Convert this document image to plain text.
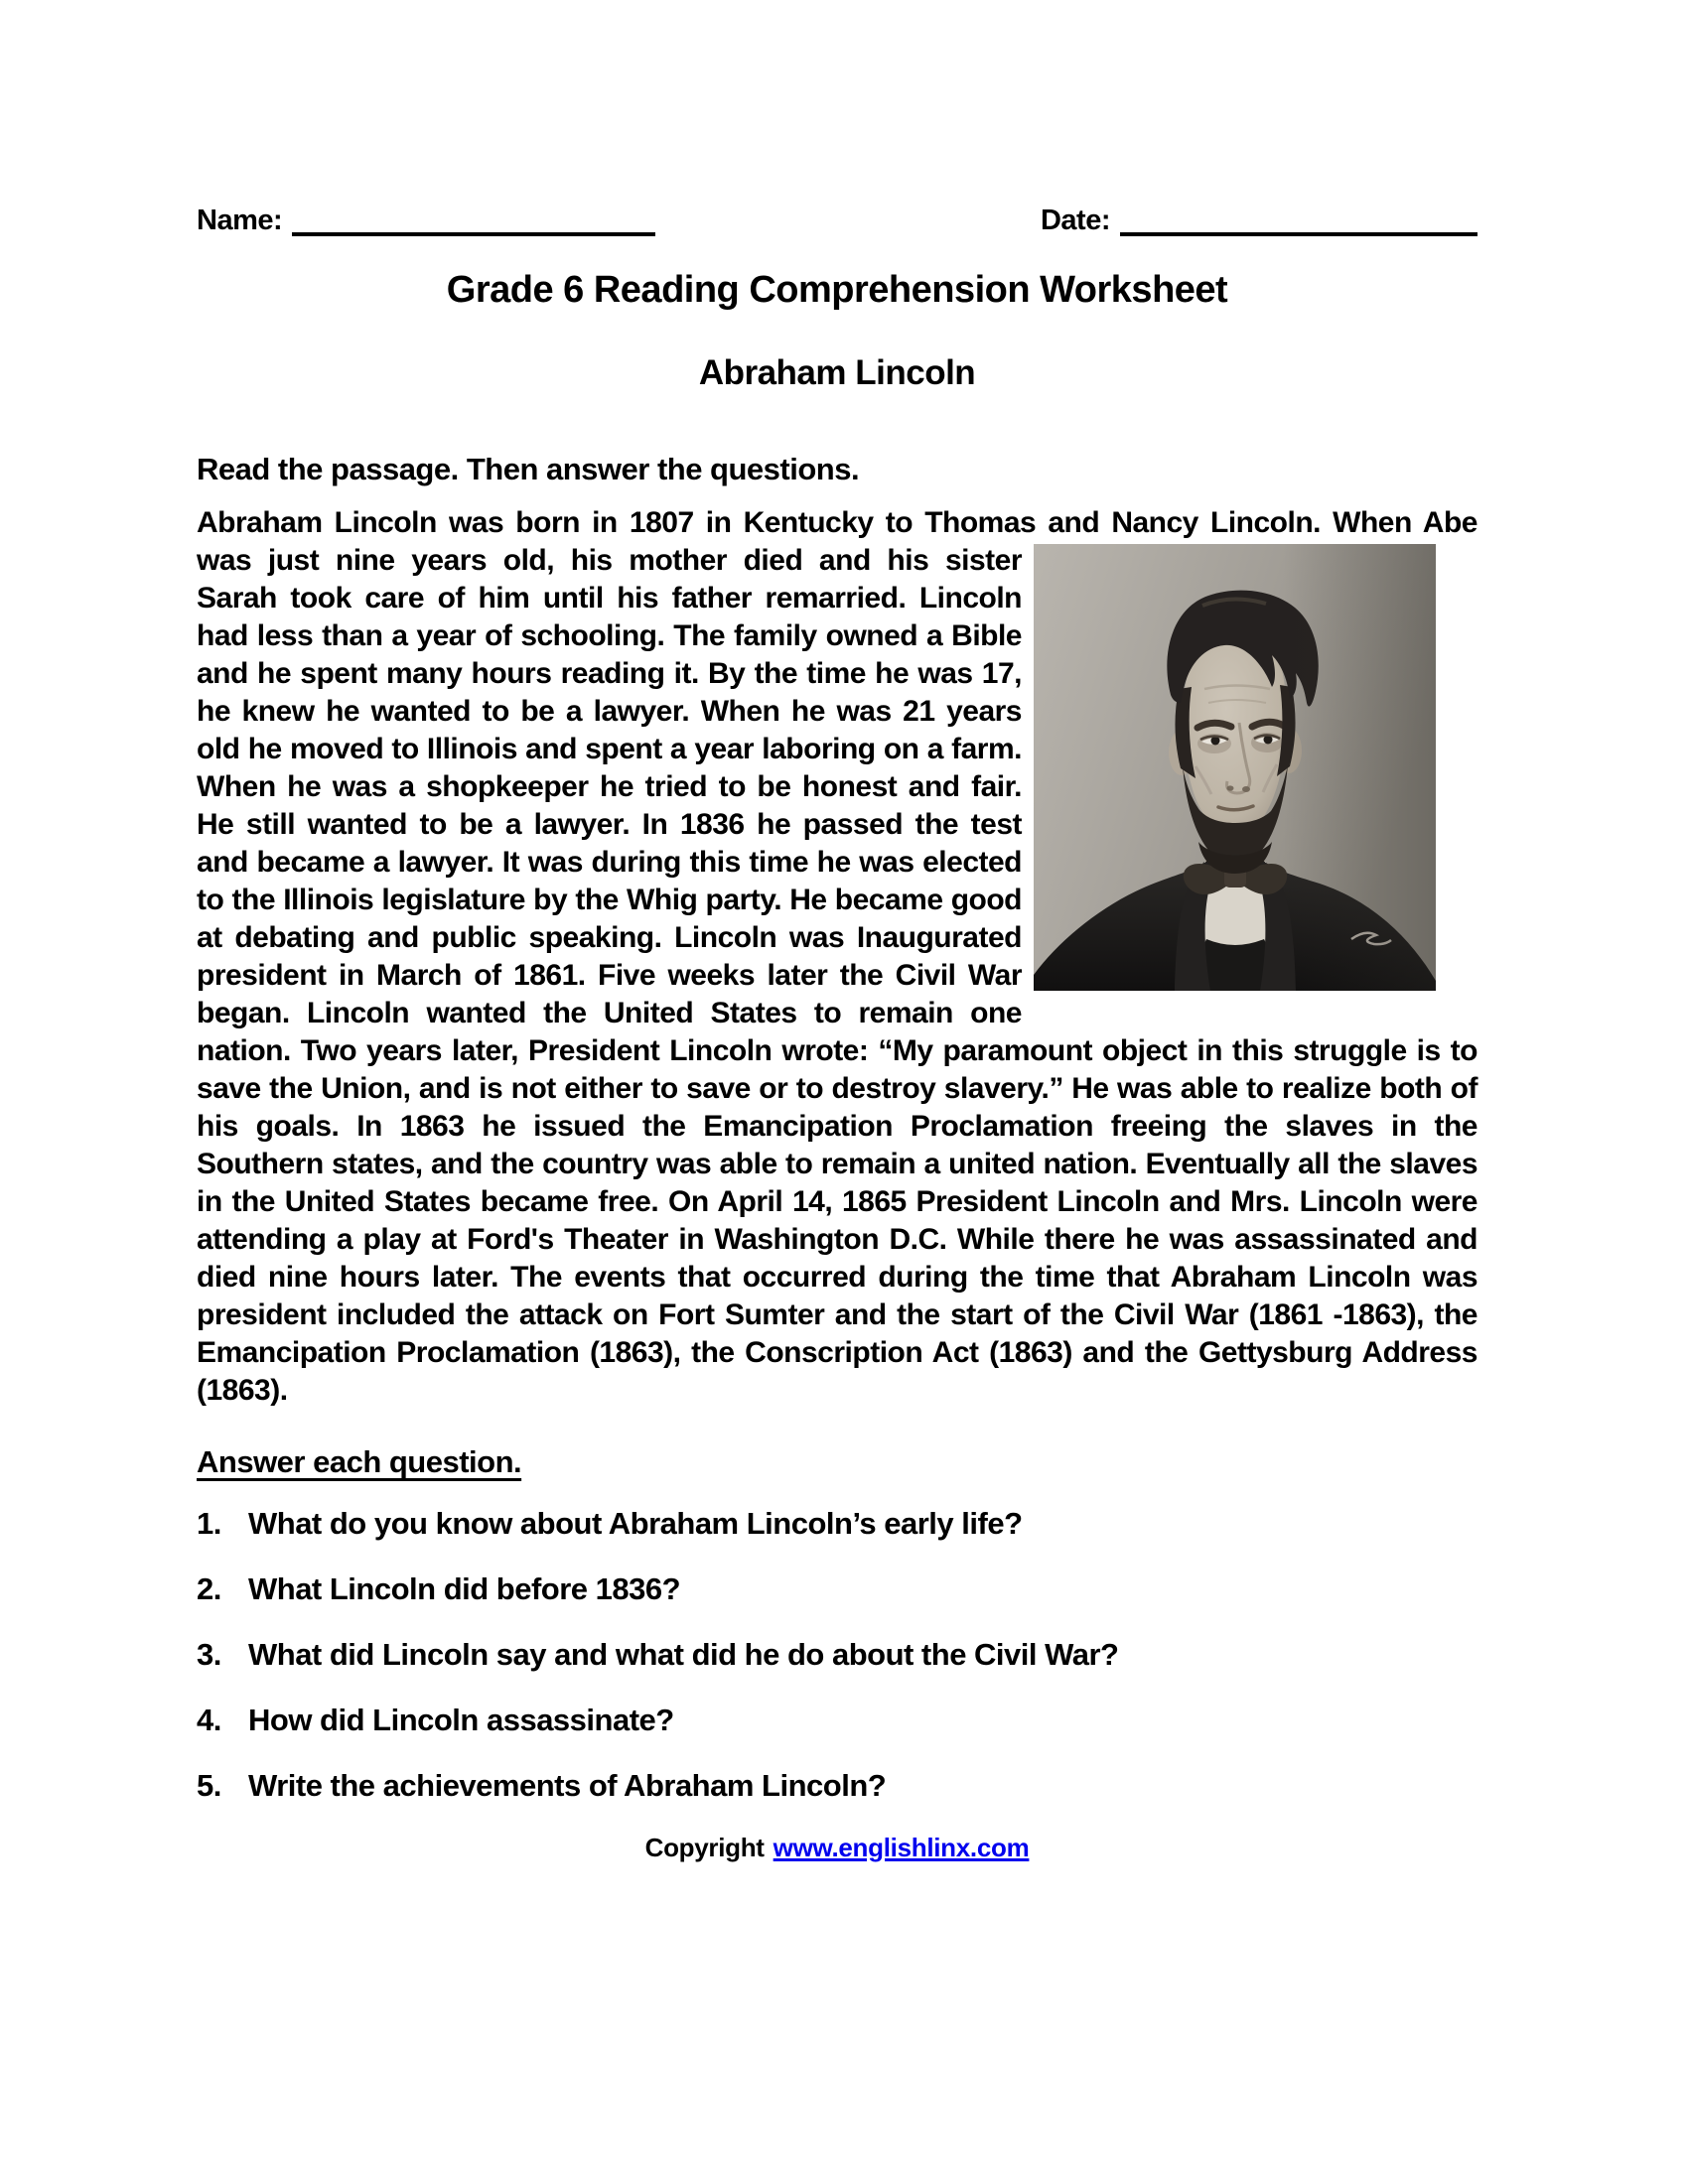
Name:	Date:
Grade 6 Reading Comprehension Worksheet
Abraham Lincoln
Read the passage. Then answer the questions.

Abraham Lincoln was born in 1807 in Kentucky to Thomas and Nancy Lincoln. When Abe was just nine years old, his mother died and his sister Sarah took care of him until his father remarried. Lincoln had less than a year of schooling. The family owned a Bible and he spent many hours reading it. By the time he was 17, he knew he wanted to be a lawyer. When he was 21 years old he moved to Illinois and spent a year laboring on a farm. When he was a shopkeeper he tried to be honest and fair. He still wanted to be a lawyer. In 1836 he passed the test and became a lawyer. It was during this time he was elected to the Illinois legislature by the Whig party. He became good at debating and public speaking. Lincoln was Inaugurated president in March of 1861. Five weeks later the Civil War began. Lincoln wanted the United States to remain one nation. Two years later, President Lincoln wrote: “My paramount object in this struggle is to save the Union, and is not either to save or to destroy slavery.” He was able to realize both of his goals. In 1863 he issued the Emancipation Proclamation freeing the slaves in the Southern states, and the country was able to remain a united nation. Eventually all the slaves in the United States became free. On April 14, 1865 President Lincoln and Mrs. Lincoln were attending a play at Ford's Theater in Washington D.C. While there he was assassinated and died nine hours later. The events that occurred during the time that Abraham Lincoln was president included the attack on Fort Sumter and the start of the Civil War (1861 -1863), the Emancipation Proclamation (1863), the Conscription Act (1863) and the Gettysburg Address (1863).

Answer each question.
1. What do you know about Abraham Lincoln’s early life?
2. What Lincoln did before 1836?
3. What did Lincoln say and what did he do about the Civil War?
4. How did Lincoln assassinate?
5. Write the achievements of Abraham Lincoln?
Copyright www.englishlinx.com
